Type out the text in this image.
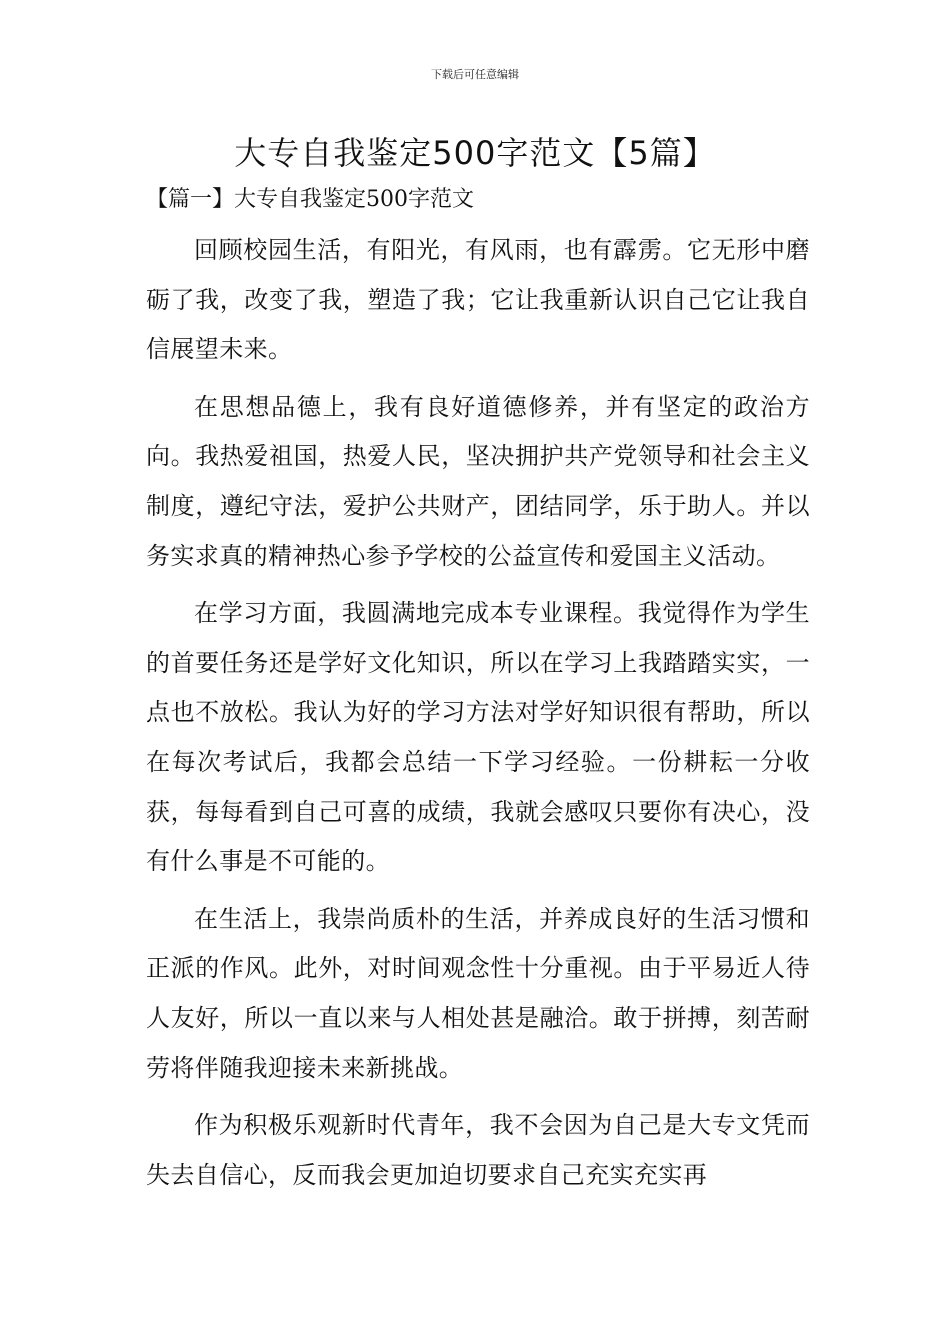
下载后可任意编辑
大专自我鉴定500字范文【5篇】
【篇一】大专自我鉴定500字范文

回顾校园生活，有阳光，有风雨，也有霹雳。它无形中磨砺了我，改变了我，塑造了我；它让我重新认识自己它让我自信展望未来。

在思想品德上，我有良好道德修养，并有坚定的政治方向。我热爱祖国，热爱人民，坚决拥护共产党领导和社会主义制度，遵纪守法，爱护公共财产，团结同学，乐于助人。并以务实求真的精神热心参予学校的公益宣传和爱国主义活动。

在学习方面，我圆满地完成本专业课程。我觉得作为学生的首要任务还是学好文化知识，所以在学习上我踏踏实实，一点也不放松。我认为好的学习方法对学好知识很有帮助，所以在每次考试后，我都会总结一下学习经验。一份耕耘一分收获，每每看到自己可喜的成绩，我就会感叹只要你有决心，没有什么事是不可能的。

在生活上，我崇尚质朴的生活，并养成良好的生活习惯和正派的作风。此外，对时间观念性十分重视。由于平易近人待人友好，所以一直以来与人相处甚是融洽。敢于拼搏，刻苦耐劳将伴随我迎接未来新挑战。

作为积极乐观新时代青年，我不会因为自己是大专文凭而失去自信心，反而我会更加迫切要求自己充实充实再
